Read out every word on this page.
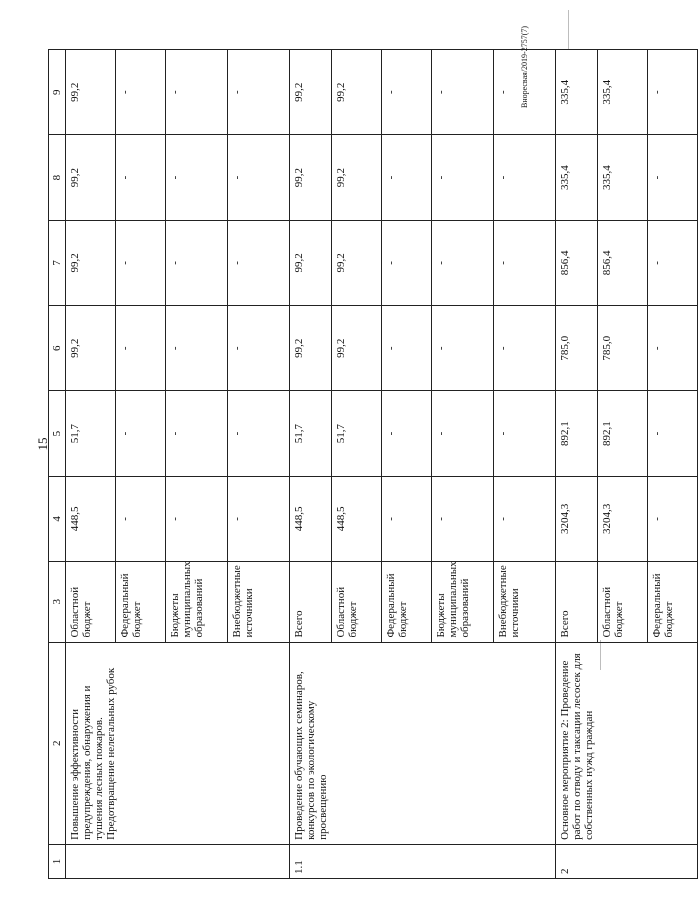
15
Вноресвая/2019-2757(7)
1	2	3	4	5	6	7	8	9
	Повышение эффективности предупреждения, обнаружения и тушения лесных пожаров. Предотвращение нелегальных рубок	Областной бюджет	448,5	51,7	99,2	99,2	99,2	99,2
		Федеральный бюджет	-	-	-	-	-	-
		Бюджеты муниципальных образований	-	-	-	-	-	-
		Внебюджетные источники	-	-	-	-	-	-
1.1	Проведение обучающих семинаров, конкурсов по экологическому просвещению	Всего	448,5	51,7	99,2	99,2	99,2	99,2
		Областной бюджет	448,5	51,7	99,2	99,2	99,2	99,2
		Федеральный бюджет	-	-	-	-	-	-
		Бюджеты муниципальных образований	-	-	-	-	-	-
		Внебюджетные источники	-	-	-	-	-	-
2	Основное мероприятие 2: Проведение работ по отводу и таксации лесосек для собственных нужд граждан	Всего	3204,3	892,1	785,0	856,4	335,4	335,4
		Областной бюджет	3204,3	892,1	785,0	856,4	335,4	335,4
		Федеральный бюджет	-	-	-	-	-	-
